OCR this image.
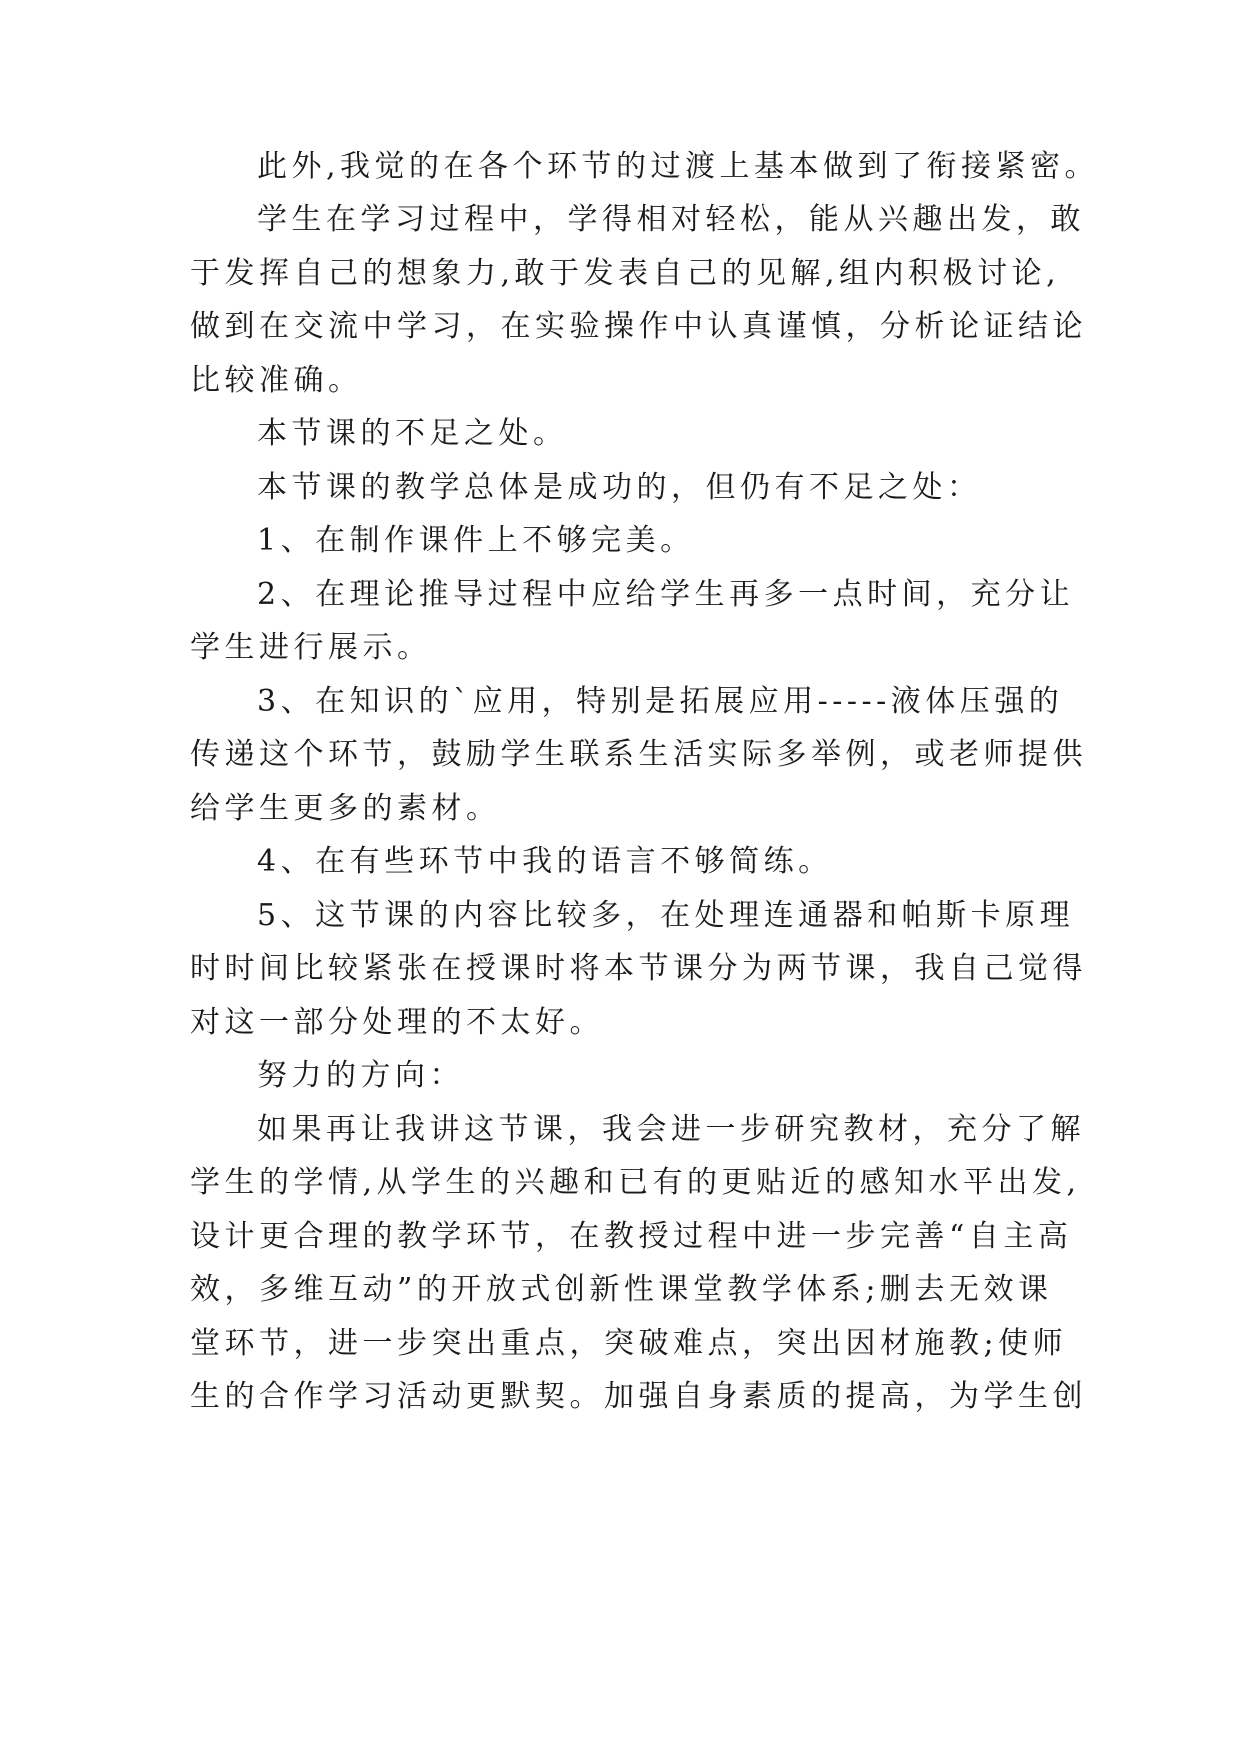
此外,我觉的在各个环节的过渡上基本做到了衔接紧密。
学生在学习过程中，学得相对轻松，能从兴趣出发，敢
于发挥自己的想象力,敢于发表自己的见解,组内积极讨论,
做到在交流中学习，在实验操作中认真谨慎，分析论证结论
比较准确。
本节课的不足之处。
本节课的教学总体是成功的，但仍有不足之处：
1、在制作课件上不够完美。
2、在理论推导过程中应给学生再多一点时间，充分让
学生进行展示。
3、在知识的`应用，特别是拓展应用-----液体压强的
传递这个环节，鼓励学生联系生活实际多举例，或老师提供
给学生更多的素材。
4、在有些环节中我的语言不够简练。
5、这节课的内容比较多，在处理连通器和帕斯卡原理
时时间比较紧张在授课时将本节课分为两节课，我自己觉得
对这一部分处理的不太好。
努力的方向：
如果再让我讲这节课，我会进一步研究教材，充分了解
学生的学情,从学生的兴趣和已有的更贴近的感知水平出发,
设计更合理的教学环节，在教授过程中进一步完善“自主高
效，多维互动”的开放式创新性课堂教学体系;删去无效课
堂环节，进一步突出重点，突破难点，突出因材施教;使师
生的合作学习活动更默契。加强自身素质的提高，为学生创
